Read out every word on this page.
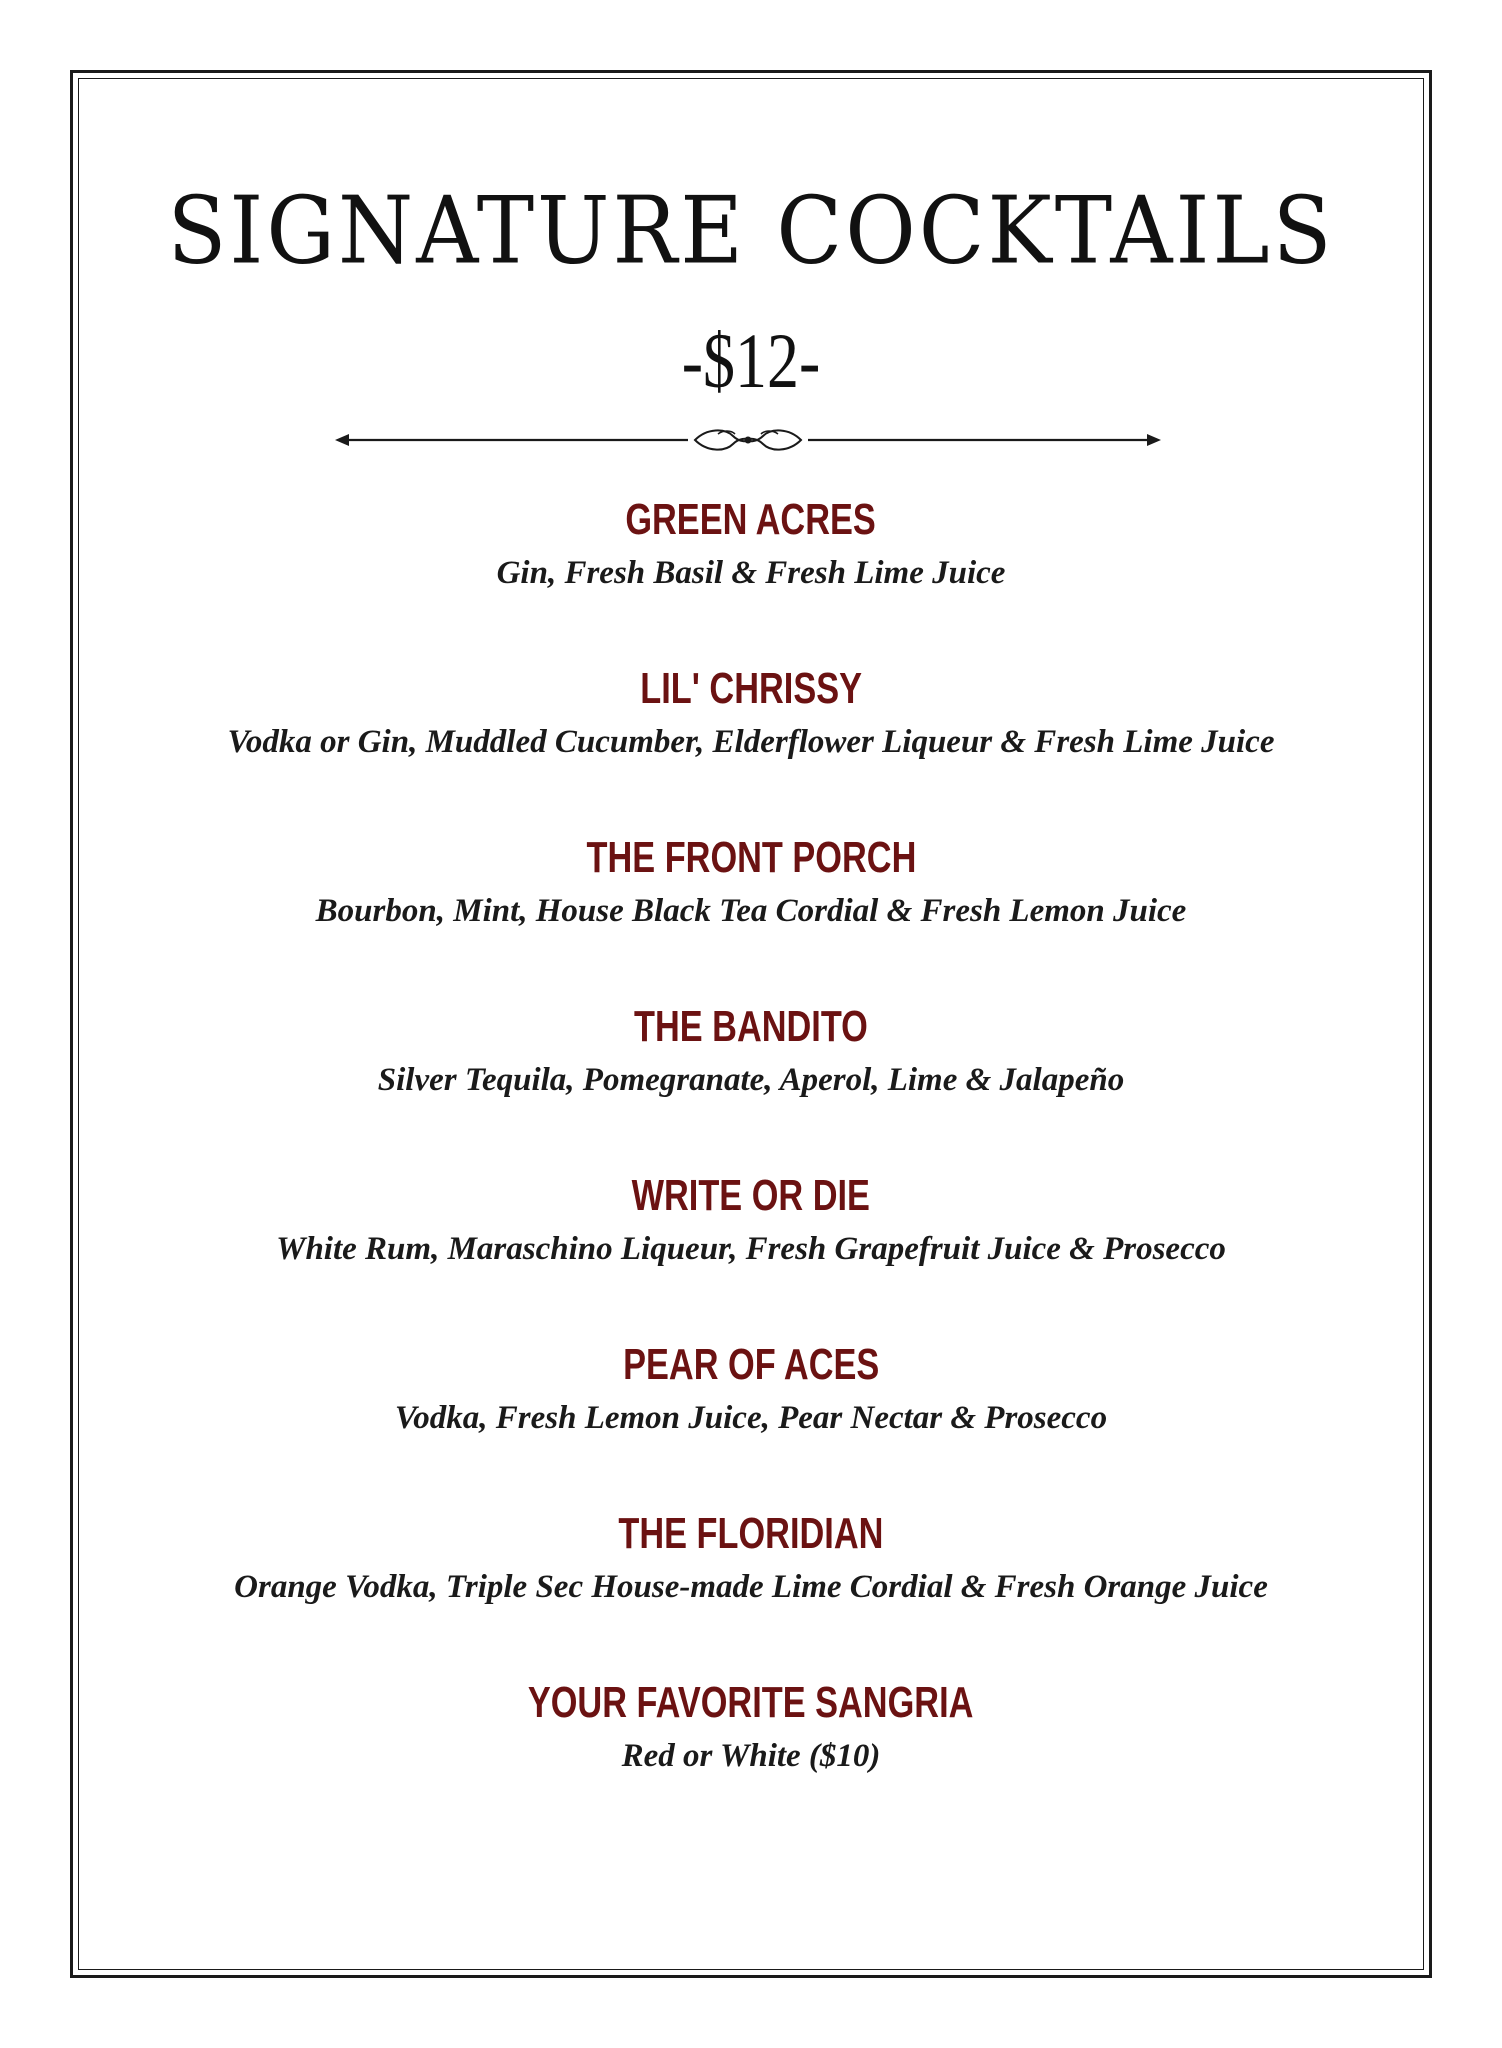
SIGNATURE COCKTAILS
-$12-
GREEN ACRES
Gin, Fresh Basil & Fresh Lime Juice
LIL' CHRISSY
Vodka or Gin, Muddled Cucumber, Elderflower Liqueur & Fresh Lime Juice
THE FRONT PORCH
Bourbon, Mint, House Black Tea Cordial & Fresh Lemon Juice
THE BANDITO
Silver Tequila, Pomegranate, Aperol, Lime & Jalapeño
WRITE OR DIE
White Rum, Maraschino Liqueur, Fresh Grapefruit Juice & Prosecco
PEAR OF ACES
Vodka, Fresh Lemon Juice, Pear Nectar & Prosecco
THE FLORIDIAN
Orange Vodka, Triple Sec House-made Lime Cordial & Fresh Orange Juice
YOUR FAVORITE SANGRIA
Red or White ($10)
